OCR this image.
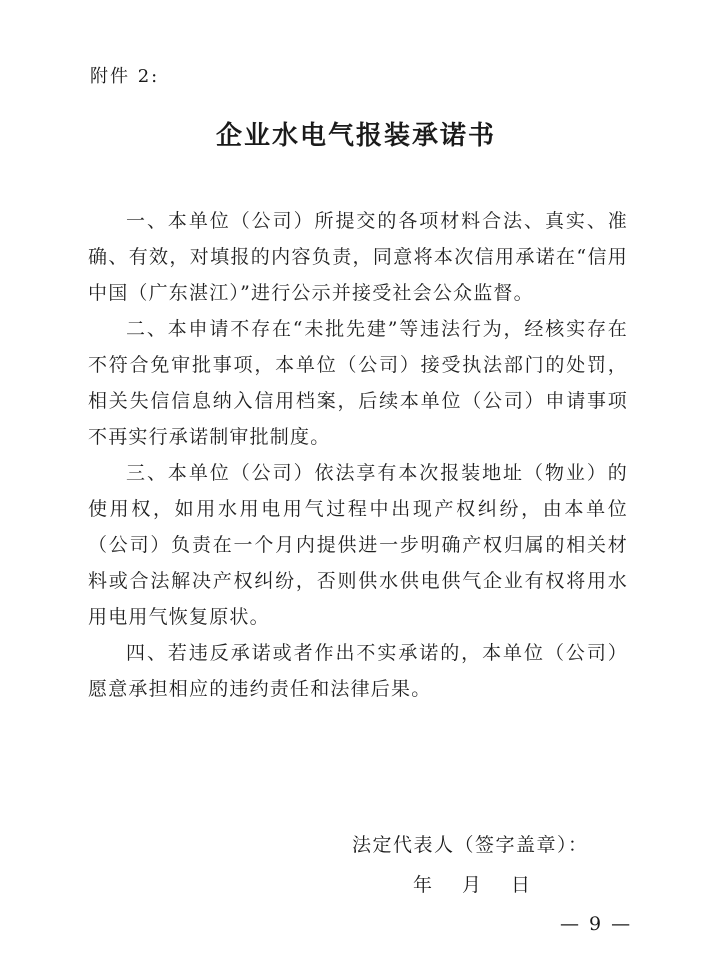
附件 2:
企业水电气报装承诺书

一、本单位（公司）所提交的各项材料合法、真实、准确、有效，对填报的内容负责，同意将本次信用承诺在“信用中国（广东湛江）”进行公示并接受社会公众监督。

二、本申请不存在“未批先建”等违法行为，经核实存在不符合免审批事项，本单位（公司）接受执法部门的处罚，相关失信信息纳入信用档案，后续本单位（公司）申请事项不再实行承诺制审批制度。

三、本单位（公司）依法享有本次报装地址（物业）的使用权，如用水用电用气过程中出现产权纠纷，由本单位（公司）负责在一个月内提供进一步明确产权归属的相关材料或合法解决产权纠纷，否则供水供电供气企业有权将用水用电用气恢复原状。

四、若违反承诺或者作出不实承诺的，本单位（公司）愿意承担相应的违约责任和法律后果。

法定代表人（签字盖章）：
年 月 日
— 9 —
